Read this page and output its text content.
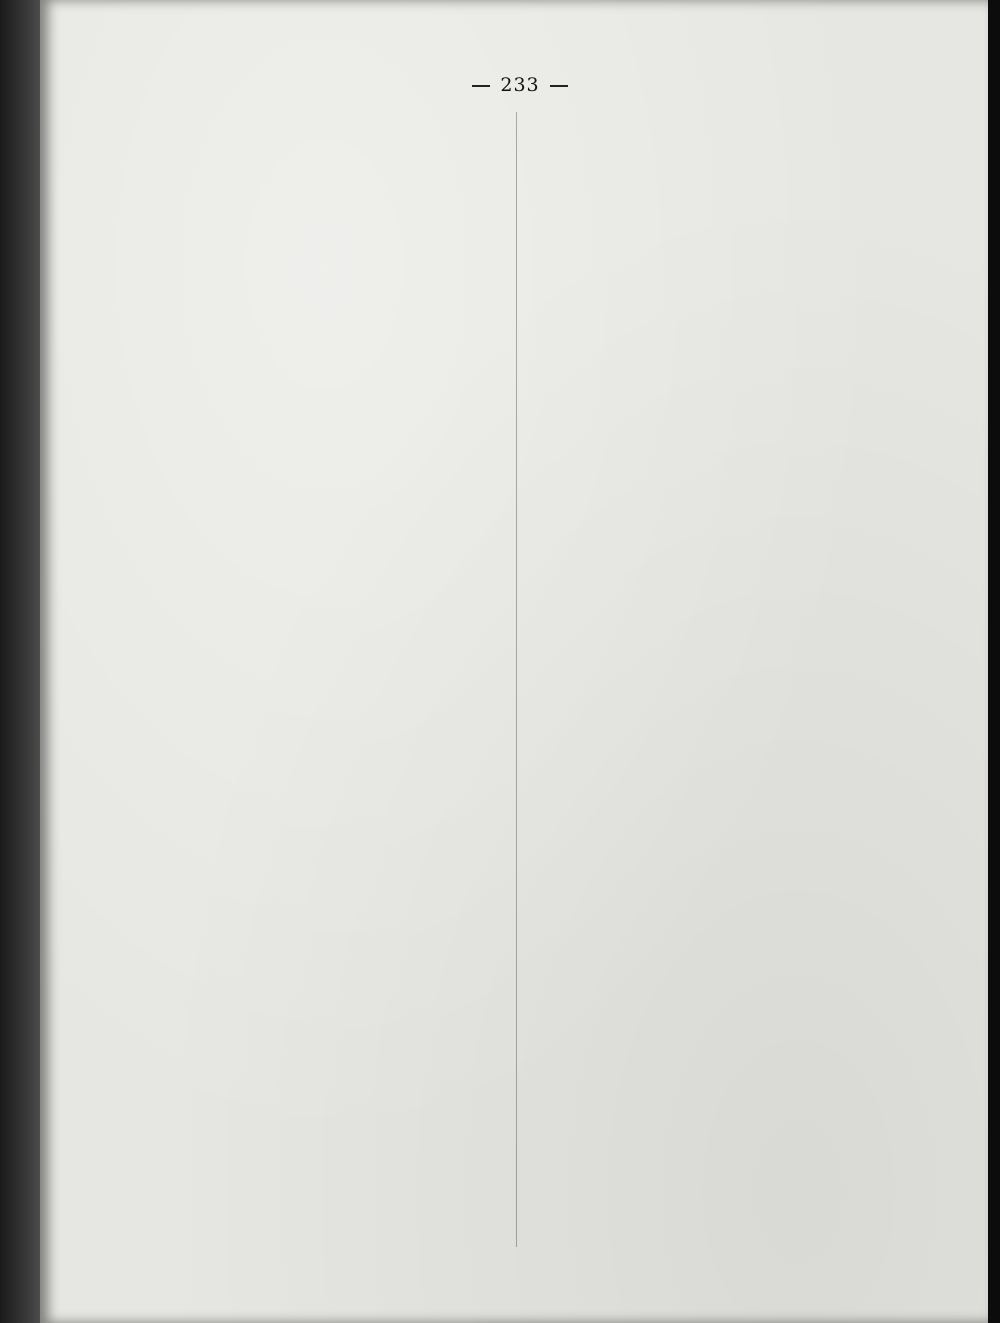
233
